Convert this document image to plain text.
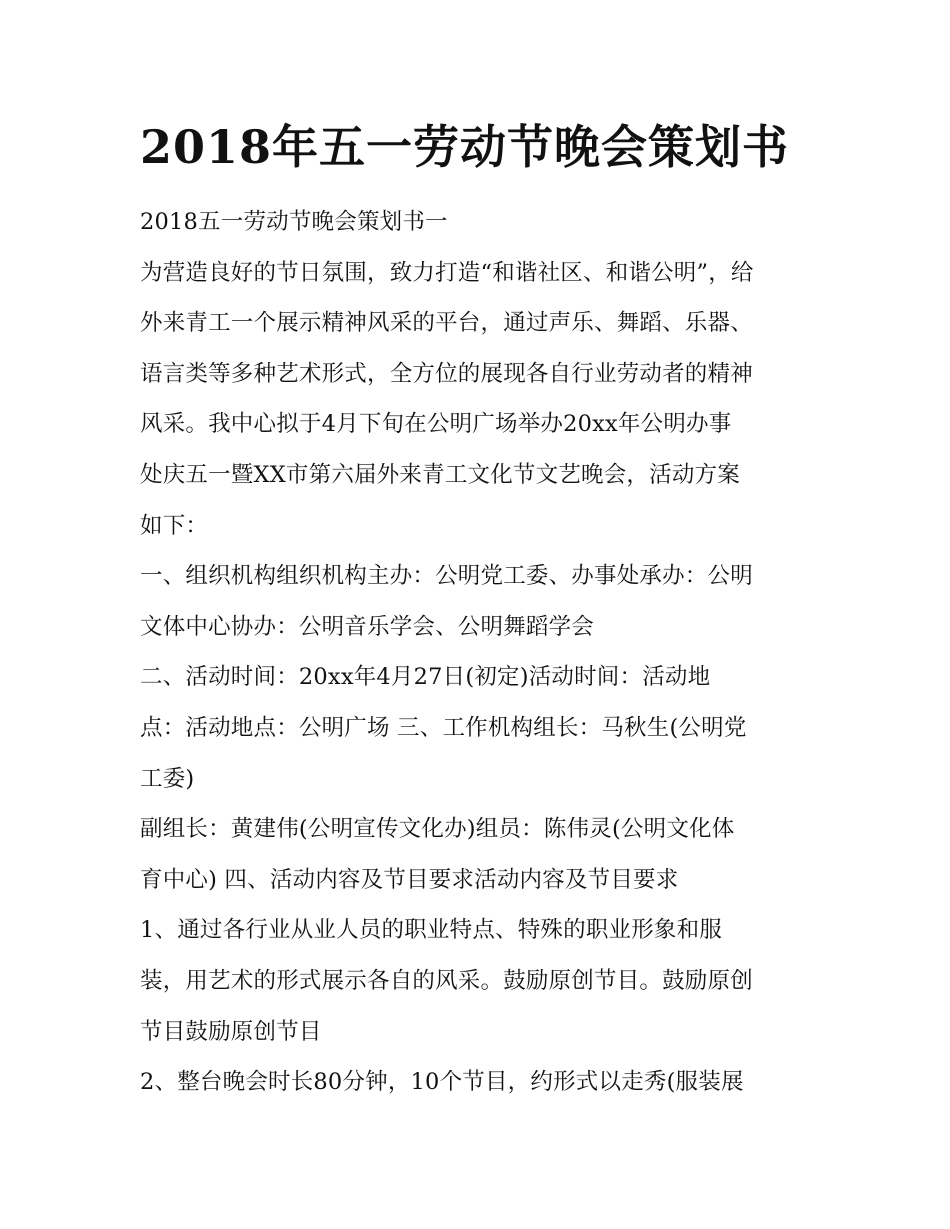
2018年五一劳动节晚会策划书
2018五一劳动节晚会策划书一
为营造良好的节日氛围，致力打造“和谐社区、和谐公明”，给
外来青工一个展示精神风采的平台，通过声乐、舞蹈、乐器、
语言类等多种艺术形式，全方位的展现各自行业劳动者的精神
风采。我中心拟于4月下旬在公明广场举办20xx年公明办事
处庆五一暨XX市第六届外来青工文化节文艺晚会，活动方案
如下：
一、组织机构组织机构主办：公明党工委、办事处承办：公明
文体中心协办：公明音乐学会、公明舞蹈学会
二、活动时间：20xx年4月27日(初定)活动时间：活动地
点：活动地点：公明广场 三、工作机构组长：马秋生(公明党
工委)
副组长：黄建伟(公明宣传文化办)组员：陈伟灵(公明文化体
育中心) 四、活动内容及节目要求活动内容及节目要求
1、通过各行业从业人员的职业特点、特殊的职业形象和服
装，用艺术的形式展示各自的风采。鼓励原创节目。鼓励原创
节目鼓励原创节目
2、整台晚会时长80分钟，10个节目，约形式以走秀(服装展
